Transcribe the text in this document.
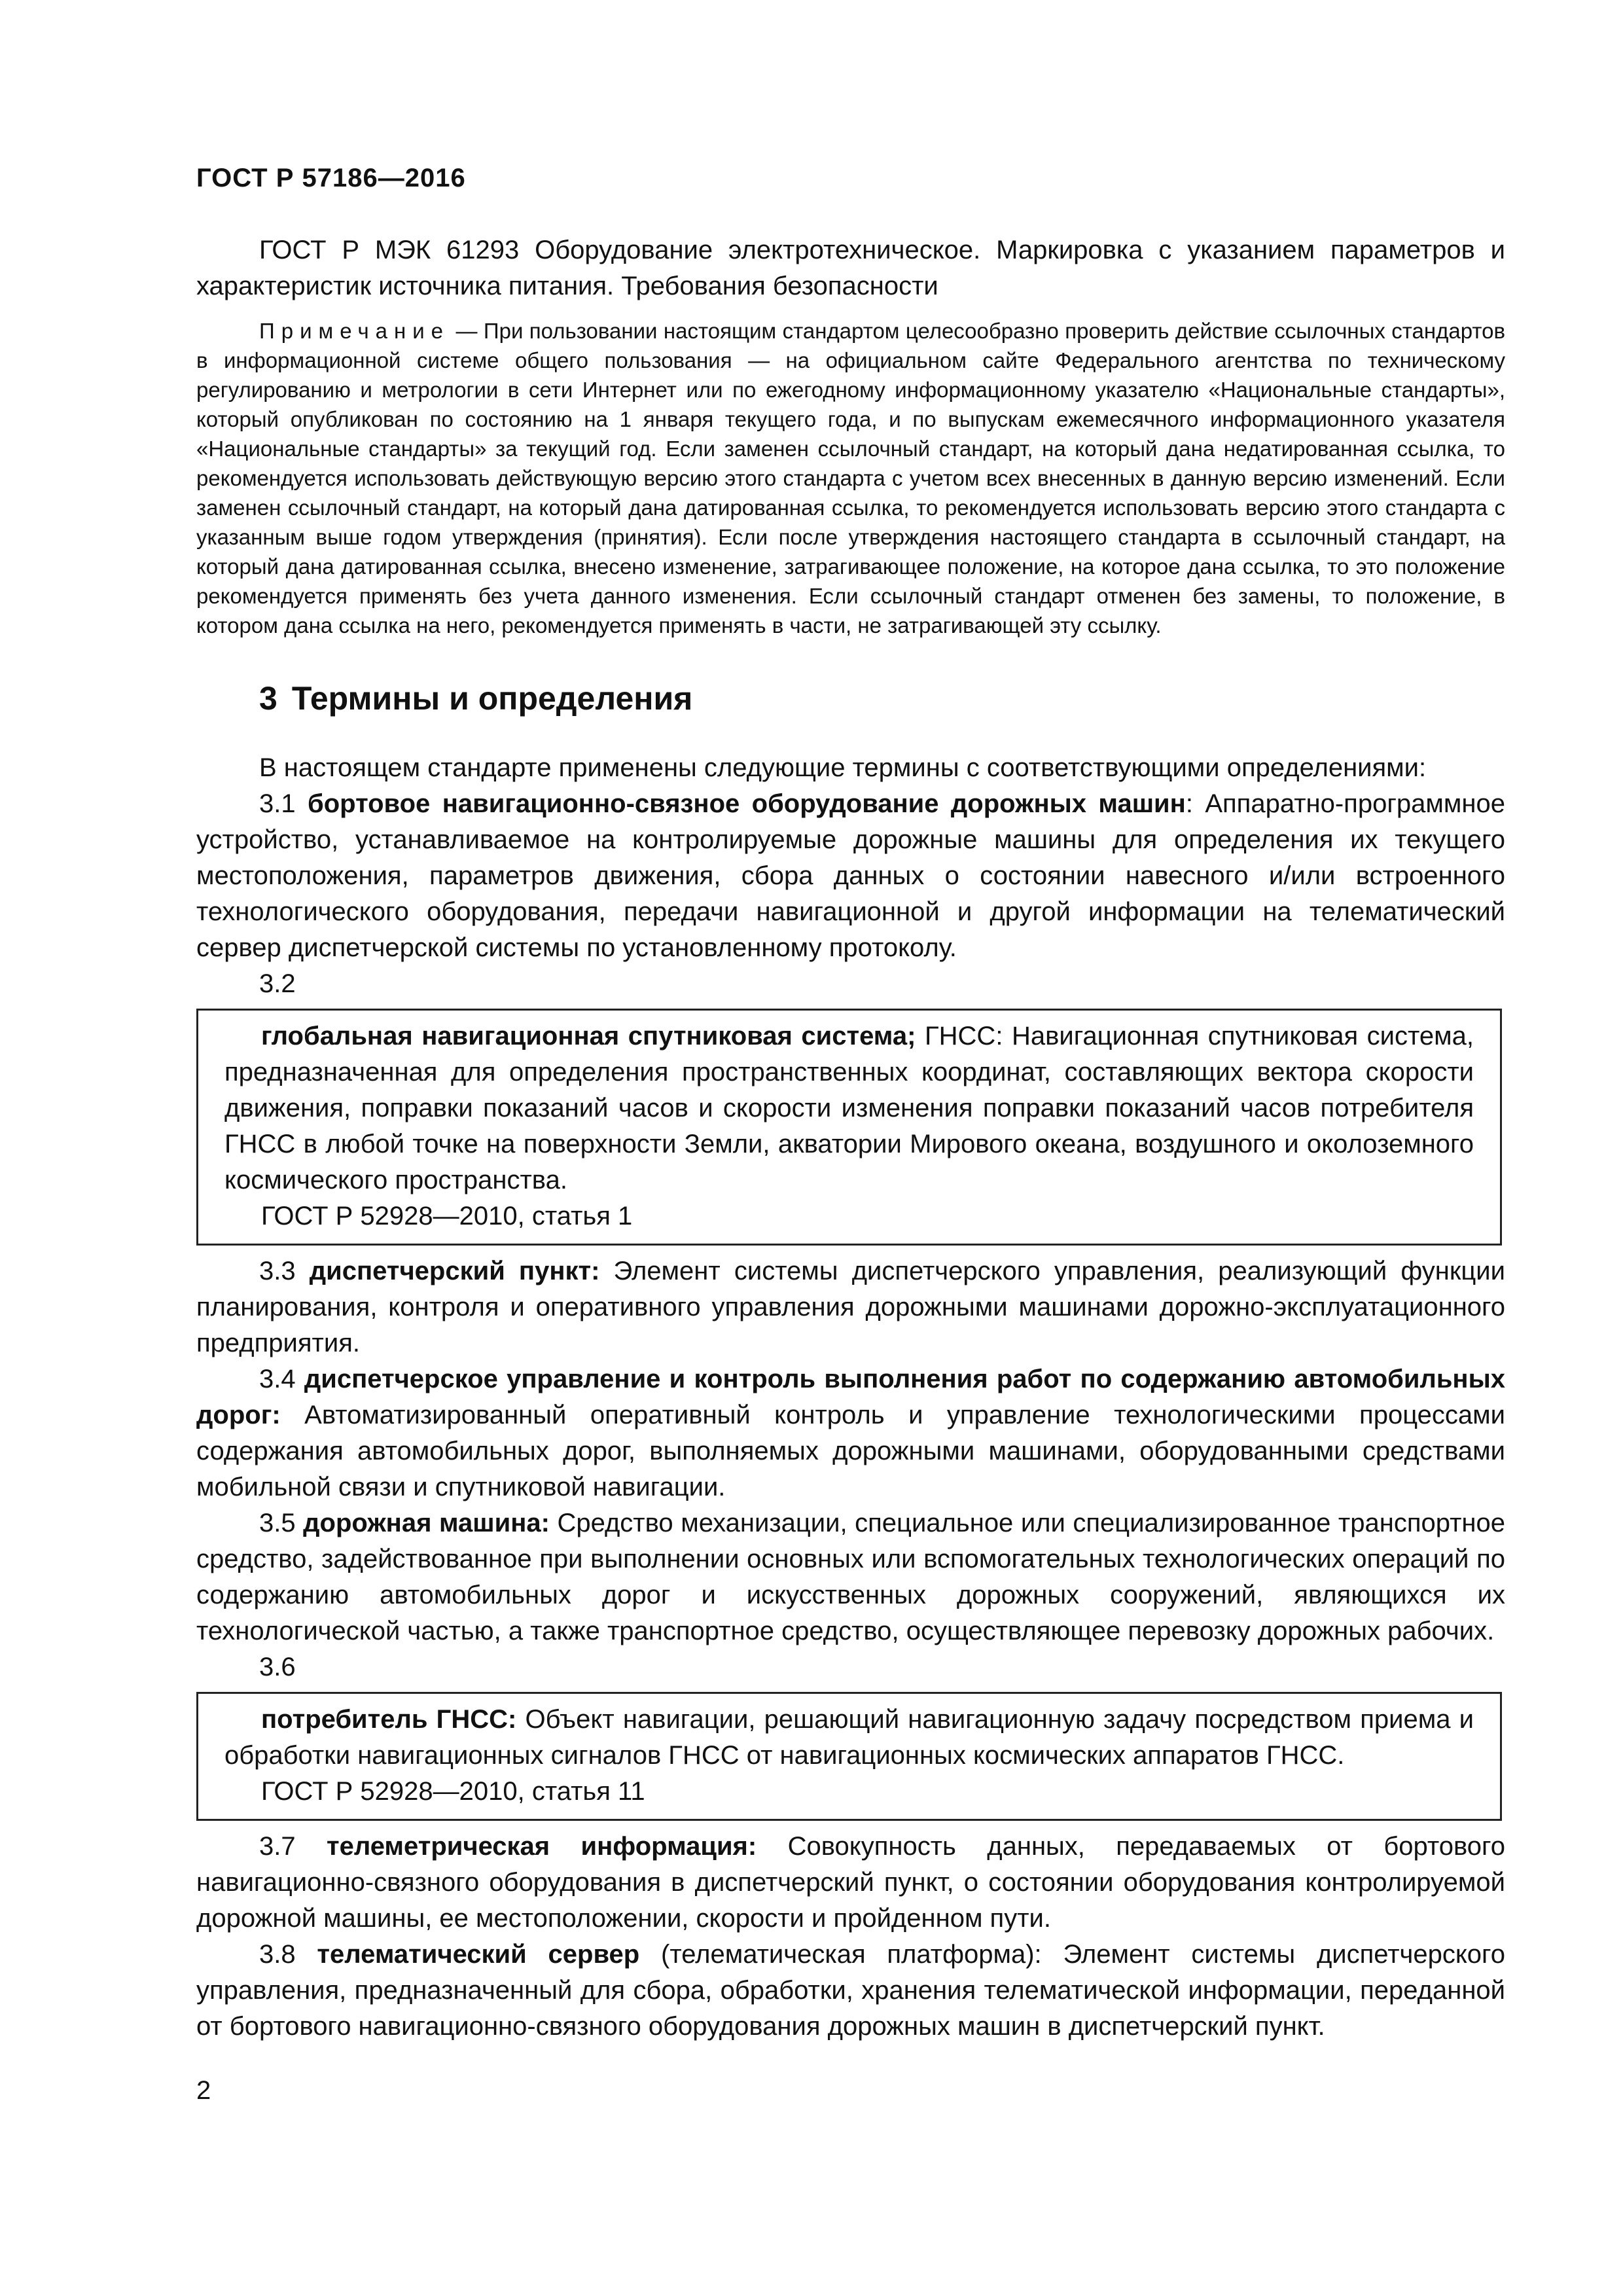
ГОСТ Р 57186—2016

ГОСТ Р МЭК 61293 Оборудование электротехническое. Маркировка с указанием параметров и характеристик источника питания. Требования безопасности

Примечание — При пользовании настоящим стандартом целесообразно проверить действие ссылочных стандартов в информационной системе общего пользования — на официальном сайте Федерального агентства по техническому регулированию и метрологии в сети Интернет или по ежегодному информационному указателю «Национальные стандарты», который опубликован по состоянию на 1 января текущего года, и по выпускам ежемесячного информационного указателя «Национальные стандарты» за текущий год. Если заменен ссылочный стандарт, на который дана недатированная ссылка, то рекомендуется использовать действующую версию этого стандарта с учетом всех внесенных в данную версию изменений. Если заменен ссылочный стандарт, на который дана датированная ссылка, то рекомендуется использовать версию этого стандарта с указанным выше годом утверждения (принятия). Если после утверждения настоящего стандарта в ссылочный стандарт, на который дана датированная ссылка, внесено изменение, затрагивающее положение, на которое дана ссылка, то это положение рекомендуется применять без учета данного изменения. Если ссылочный стандарт отменен без замены, то положение, в котором дана ссылка на него, рекомендуется применять в части, не затрагивающей эту ссылку.

3 Термины и определения

В настоящем стандарте применены следующие термины с соответствующими определениями:

3.1 бортовое навигационно-связное оборудование дорожных машин: Аппаратно-программное устройство, устанавливаемое на контролируемые дорожные машины для определения их текущего местоположения, параметров движения, сбора данных о состоянии навесного и/или встроенного технологического оборудования, передачи навигационной и другой информации на телематический сервер диспетчерской системы по установленному протоколу.

3.2

глобальная навигационная спутниковая система; ГНСС: Навигационная спутниковая система, предназначенная для определения пространственных координат, составляющих вектора скорости движения, поправки показаний часов и скорости изменения поправки показаний часов потребителя ГНСС в любой точке на поверхности Земли, акватории Мирового океана, воздушного и околоземного космического пространства.

ГОСТ Р 52928—2010, статья 1

3.3 диспетчерский пункт: Элемент системы диспетчерского управления, реализующий функции планирования, контроля и оперативного управления дорожными машинами дорожно-эксплуатационного предприятия.

3.4 диспетчерское управление и контроль выполнения работ по содержанию автомобильных дорог: Автоматизированный оперативный контроль и управление технологическими процессами содержания автомобильных дорог, выполняемых дорожными машинами, оборудованными средствами мобильной связи и спутниковой навигации.

3.5 дорожная машина: Средство механизации, специальное или специализированное транспортное средство, задействованное при выполнении основных или вспомогательных технологических операций по содержанию автомобильных дорог и искусственных дорожных сооружений, являющихся их технологической частью, а также транспортное средство, осуществляющее перевозку дорожных рабочих.

3.6

потребитель ГНСС: Объект навигации, решающий навигационную задачу посредством приема и обработки навигационных сигналов ГНСС от навигационных космических аппаратов ГНСС.

ГОСТ Р 52928—2010, статья 11

3.7 телеметрическая информация: Совокупность данных, передаваемых от бортового навигационно-связного оборудования в диспетчерский пункт, о состоянии оборудования контролируемой дорожной машины, ее местоположении, скорости и пройденном пути.

3.8 телематический сервер (телематическая платформа): Элемент системы диспетчерского управления, предназначенный для сбора, обработки, хранения телематической информации, переданной от бортового навигационно-связного оборудования дорожных машин в диспетчерский пункт.

2
